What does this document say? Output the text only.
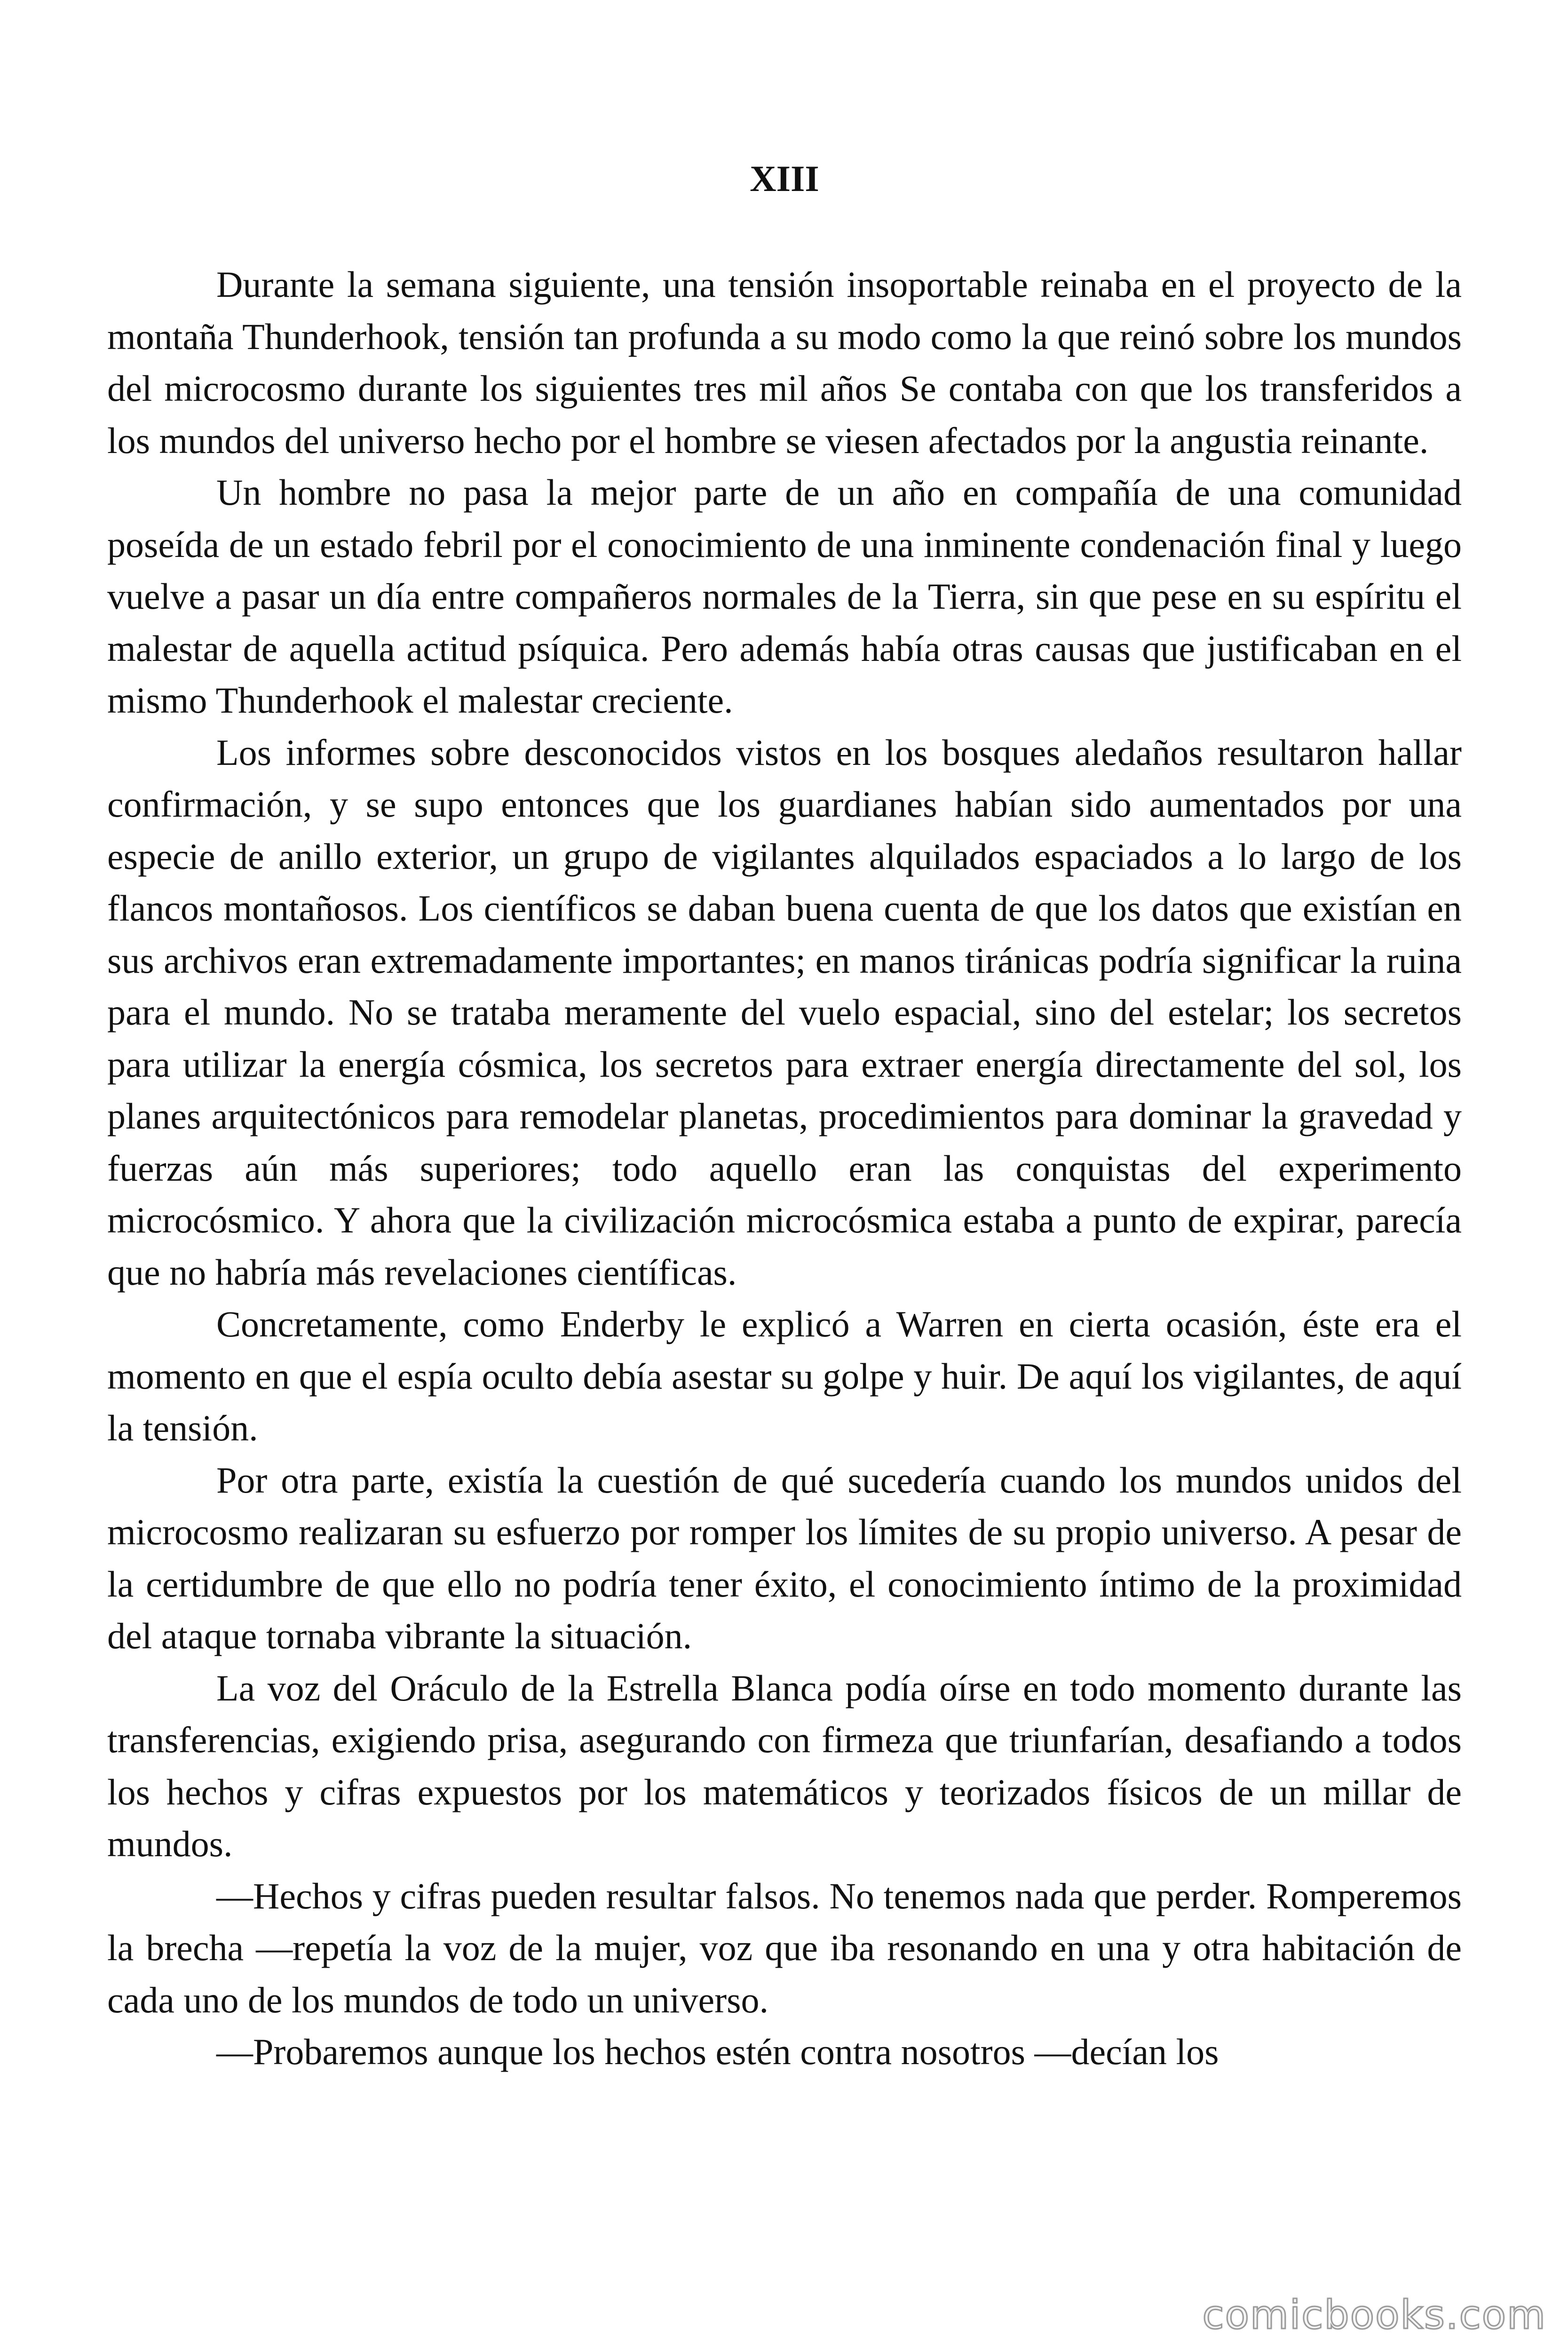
XIII

Durante la semana siguiente, una tensión insoportable reinaba en el proyecto de la montaña Thunderhook, tensión tan profunda a su modo como la que reinó sobre los mundos del microcosmo durante los siguientes tres mil años Se contaba con que los transferidos a los mundos del universo hecho por el hombre se viesen afectados por la angustia reinante.

Un hombre no pasa la mejor parte de un año en compañía de una comunidad poseída de un estado febril por el conocimiento de una inminente condenación final y luego vuelve a pasar un día entre compañeros normales de la Tierra, sin que pese en su espíritu el malestar de aquella actitud psíquica. Pero además había otras causas que justificaban en el mismo Thunderhook el malestar creciente.

Los informes sobre desconocidos vistos en los bosques aledaños resultaron hallar confirmación, y se supo entonces que los guardianes habían sido aumentados por una especie de anillo exterior, un grupo de vigilantes alquilados espaciados a lo largo de los flancos montañosos. Los científicos se daban buena cuenta de que los datos que existían en sus archivos eran extremadamente importantes; en manos tiránicas podría significar la ruina para el mundo. No se trataba meramente del vuelo espacial, sino del estelar; los secretos para utilizar la energía cósmica, los secretos para extraer energía directamente del sol, los planes arquitectónicos para remodelar planetas, procedimientos para dominar la gravedad y fuerzas aún más superiores; todo aquello eran las conquistas del experimento microcósmico. Y ahora que la civilización microcósmica estaba a punto de expirar, parecía que no habría más revelaciones científicas.

Concretamente, como Enderby le explicó a Warren en cierta ocasión, éste era el momento en que el espía oculto debía asestar su golpe y huir. De aquí los vigilantes, de aquí la tensión.

Por otra parte, existía la cuestión de qué sucedería cuando los mundos unidos del microcosmo realizaran su esfuerzo por romper los límites de su propio universo. A pesar de la certidumbre de que ello no podría tener éxito, el conocimiento íntimo de la proximidad del ataque tornaba vibrante la situación.

La voz del Oráculo de la Estrella Blanca podía oírse en todo momento durante las transferencias, exigiendo prisa, asegurando con firmeza que triunfarían, desafiando a todos los hechos y cifras expuestos por los matemáticos y teorizados físicos de un millar de mundos.

—Hechos y cifras pueden resultar falsos. No tenemos nada que perder. Romperemos la brecha —repetía la voz de la mujer, voz que iba resonando en una y otra habitación de cada uno de los mundos de todo un universo.

—Probaremos aunque los hechos estén contra nosotros —decían los

comicbooks.com
